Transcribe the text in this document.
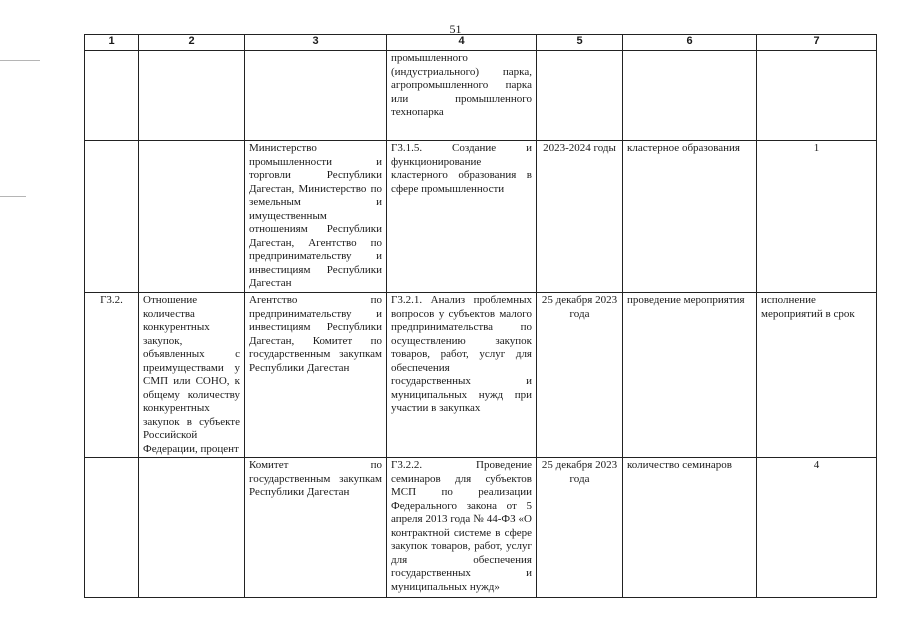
51
1	2	3	4	5	6	7
			промышленного (индустриального) парка, агропромышленного парка или промышленного технопарка			
		Министерство промышленности и торговли Республики Дагестан, Министерство по земельным и имущественным отношениям Республики Дагестан, Агентство по предпринимательству и инвестициям Республики Дагестан	Г3.1.5. Создание и функционирование кластерного образования в сфере промышленности	2023-2024 годы	кластерное образования	1
Г3.2.	Отношение количества конкурентных закупок, объявленных с преимуществами у СМП или СОНО, к общему количеству конкурентных закупок в субъекте Российской Федерации, процент	Агентство по предпринимательству и инвестициям Республики Дагестан, Комитет по государственным закупкам Республики Дагестан	Г3.2.1. Анализ проблемных вопросов у субъектов малого предпринимательства по осуществлению закупок товаров, работ, услуг для обеспечения государственных и муниципальных нужд при участии в закупках	25 декабря 2023 года	проведение мероприятия	исполнение мероприятий в срок
		Комитет по государственным закупкам Республики Дагестан	Г3.2.2. Проведение семинаров для субъектов МСП по реализации Федерального закона от 5 апреля 2013 года № 44-ФЗ «О контрактной системе в сфере закупок товаров, работ, услуг для обеспечения государственных и муниципальных нужд»	25 декабря 2023 года	количество семинаров	4
